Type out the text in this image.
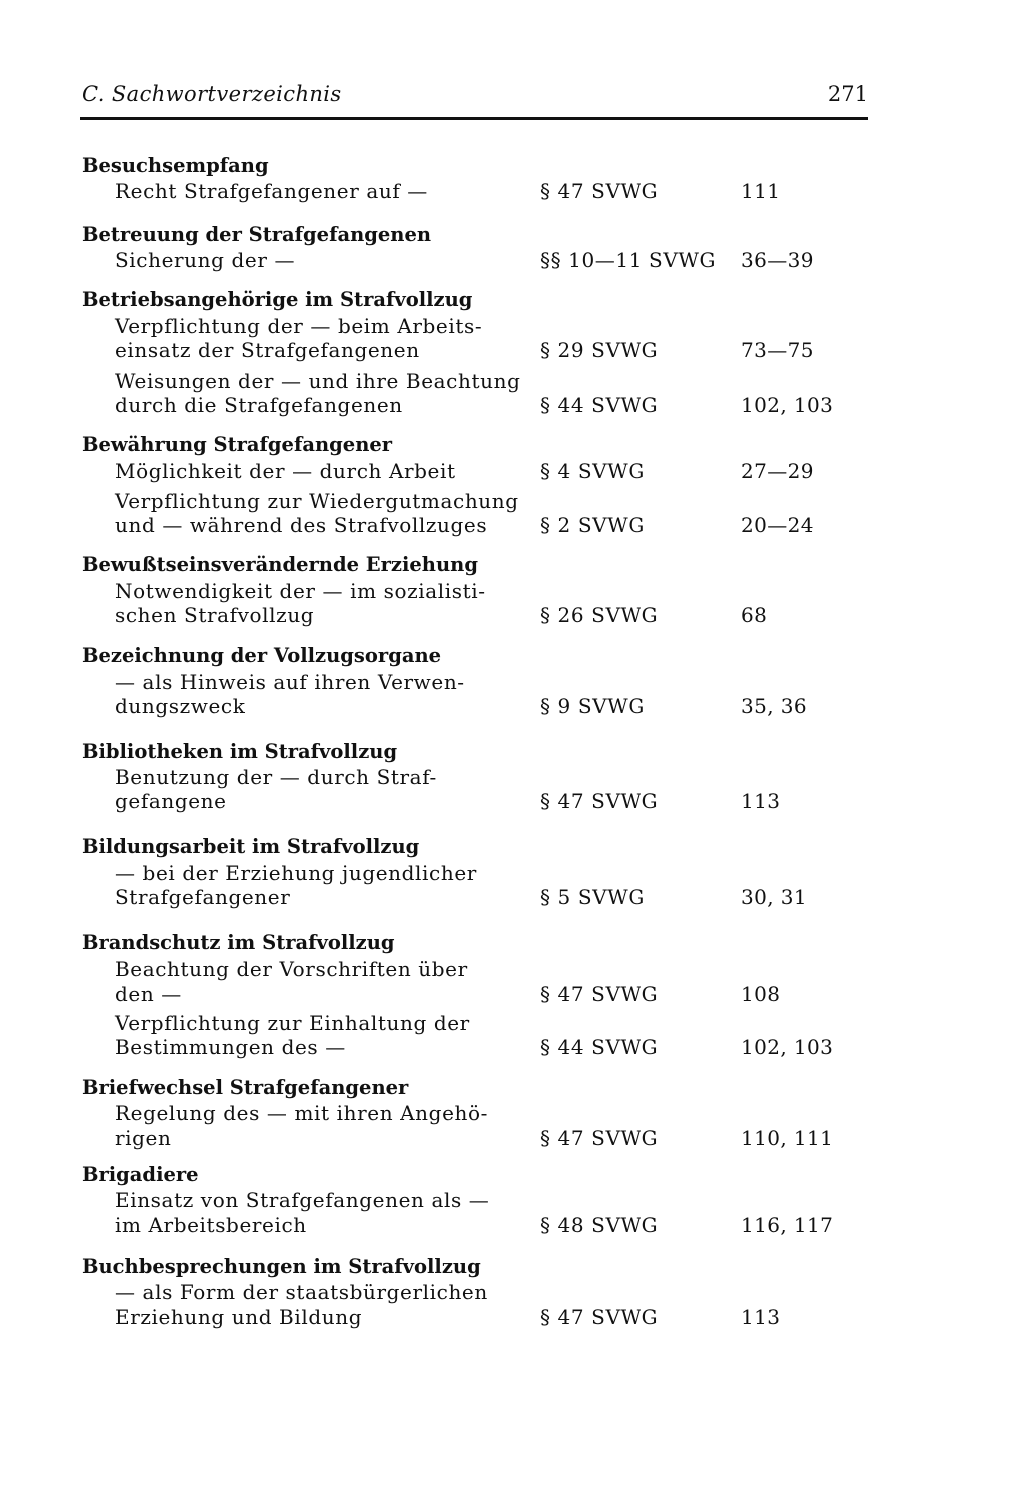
C. Sachwortverzeichnis	271
Besuchsempfang
Recht Strafgefangener auf —	§ 47 SVWG	111
Betreuung der Strafgefangenen
Sicherung der —	§§ 10—11 SVWG 36—39
Betriebsangehörige im Strafvollzug
Verpflichtung der — beim Arbeits-
einsatz der Strafgefangenen	§ 29 SVWG	73—75
Weisungen der — und ihre Beachtung
durch die Strafgefangenen	§ 44 SVWG	102, 103
Bewährung Strafgefangener
Möglichkeit der — durch Arbeit	§ 4 SVWG	27—29
Verpflichtung zur Wiedergutmachung
und — während des Strafvollzuges	§ 2 SVWG	20—24
Bewußtseinsverändernde Erziehung
Notwendigkeit der — im sozialisti-
schen Strafvollzug	§ 26 SVWG	68
Bezeichnung der Vollzugsorgane
— als Hinweis auf ihren Verwen-
dungszweck	§ 9 SVWG	35, 36
Bibliotheken im Strafvollzug
Benutzung der — durch Straf-
gefangene	§ 47 SVWG	113
Bildungsarbeit im Strafvollzug
— bei der Erziehung jugendlicher
Strafgefangener	§ 5 SVWG	30, 31
Brandschutz im Strafvollzug
Beachtung der Vorschriften über
den —	§ 47 SVWG	108
Verpflichtung zur Einhaltung der
Bestimmungen des —	§ 44 SVWG	102, 103
Briefwechsel Strafgefangener
Regelung des — mit ihren Angehö-
rigen	§ 47 SVWG	110, 111
Brigadiere
Einsatz von Strafgefangenen als —
im Arbeitsbereich	§ 48 SVWG	116, 117
Buchbesprechungen im Strafvollzug
— als Form der staatsbürgerlichen
Erziehung und Bildung	§ 47 SVWG	113
